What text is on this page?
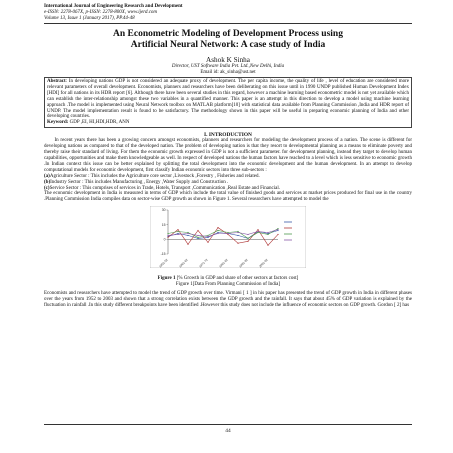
International Journal of Engineering Research and Development
e-ISSN: 2278-067X, p-ISSN: 2278-800X, www.ijerd.com
Volume 13, Issue 1 (January 2017), PP.44-48
An Econometric Modeling of Development Process using
Artificial Neural Network: A case study of India
Ashok K Sinha
Director, UST Software India Pvt. Ltd.,New Delhi, India
Email id: ak_sinha@ust.net
Abstract: In developing nations GDP is not considered an adequate proxy of development. The per capita income, the quality of life , level of education are considered more relevant parameters of overall development. Economists, planners and researchers have been deliberating on this issue until in 1990 UNDP published Human Development Index [HDI] for all nations in its HDR report [6]. Although there have been several studies in this regard, however a machine learning based econometric model is not yet available which can establish the inter-relationship amongst these two variables in a quantified manner. This paper is an attempt in this direction to develop a model using machine learning approach .The model is implemented using Neural Network toolbox on MATLAB platform[10] with statistical data available from Planning Commission ,India and HDR report of UNDP. The model implementation result is found to be satisfactory. The methodology shown in this paper will be useful in preparing economic planning of India and other developing countries.
Keyword: GDP ,EI, HI,HDI,HDR, ANN
I. INTRODUCTION
In recent years there has been a growing concern amongst economists, planners and researchers for modeling the development process of a nation. The scene is different for developing nations as compared to that of the developed nation. The problem of developing nation is that they resort to developmental planning as a means to eliminate poverty and thereby raise their standard of living. For them the economic growth expressed in GDP is not a sufficient parameter. for development planning, instead they target to develop human capabilities, opportunities and make them knowledgeable as well. In respect of developed nations the human factors have reached to a level which is less sensitive to economic growth .In Indian context this issue can be better explained by splitting the total development into the economic development and the human development. In an attempt to develop computational models for economic development, first classify Indian economic sectors into three sub-sectors :
(a)Agriculture Sector : This includes the Agriculture core sector ,Livestock ,Forestry , Fisheries and related.
(b)Industry Sector : This includes Manufacturing , Energy ,Water Supply and Construction .
(c)Service Sector : This comprises of services in Trade, Hotels, Transport ,Communication ,Real Estate and Financial.
The economic development in India is measured in terms of GDP which include the total value of finished goods and services at market prices produced for final use in the country .Planning Commission India compiles data on sector-wise GDP growth as shown in Figure 1. Several researchers have attempted to model the
-15
0
15
30
1951-52	1961-62	1971-72	1981-82	1991-92	2001-02
Figure 1 [% Growth in GDP and share of other sectors at factors cost]
Figure 1[Data From Planning Commission of India]
Economists and researchers have attempted to model the trend of GDP growth over time. Virmani [ 1 ] in his paper has presented the trend of GDP growth in India in different phases over the years from 1952 to 2003 and shown that a strong correlation exists between the GDP growth and the rainfall. It says that about 45% of GDP variation is explained by the fluctuation in rainfall .In this study different breakpoints have been identified .However this study does not include the influence of economic sectors on GDP growth. Gordon [ 2] has
44
